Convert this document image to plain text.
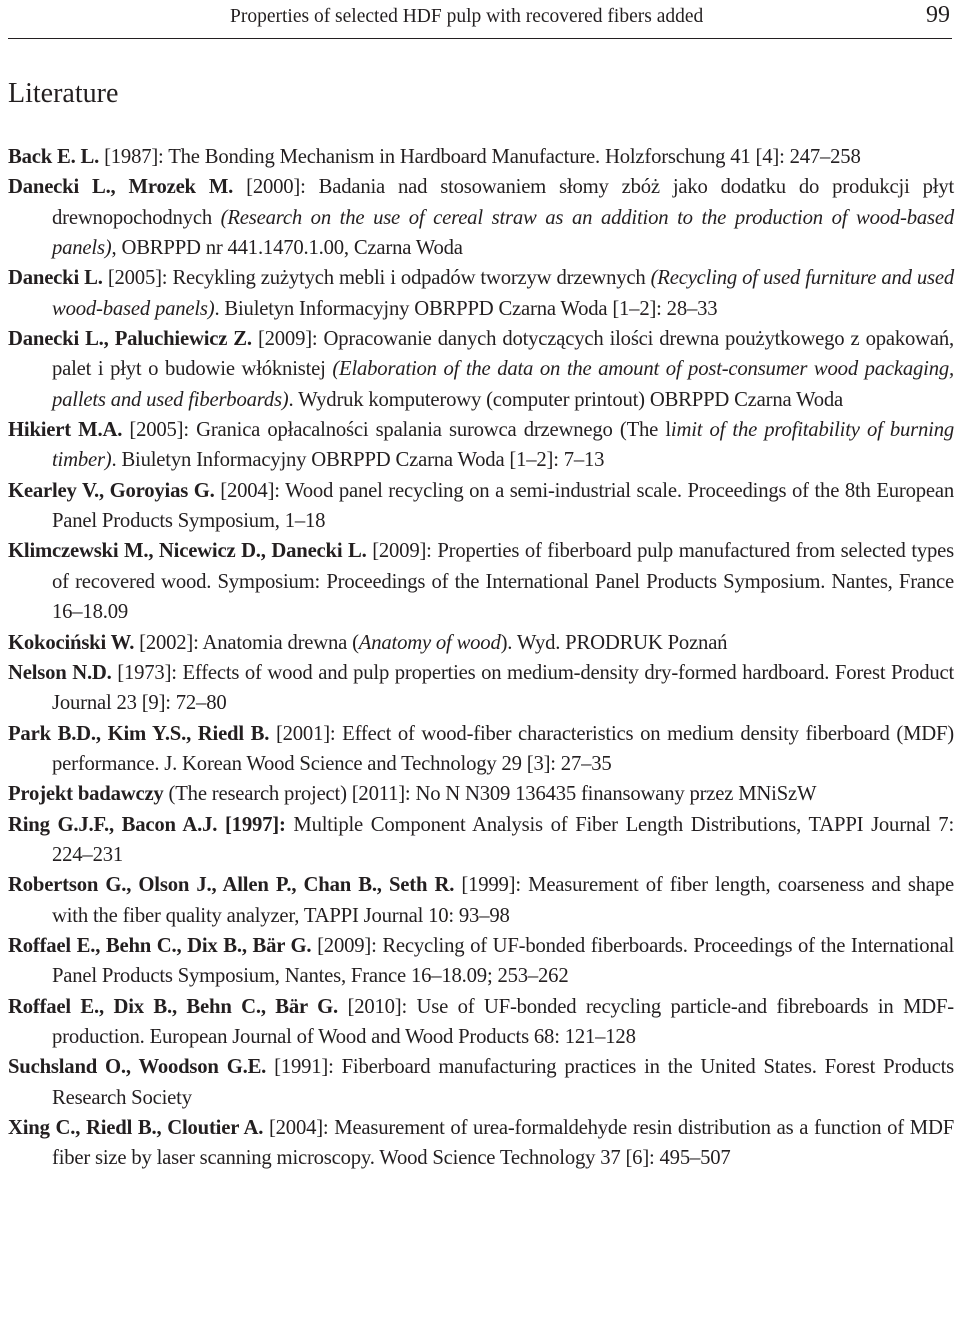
Properties of selected HDF pulp with recovered fibers added	99
Literature
Back E. L. [1987]: The Bonding Mechanism in Hardboard Manufacture. Holzforschung 41 [4]: 247–258
Danecki L., Mrozek M. [2000]: Badania nad stosowaniem słomy zbóż jako dodatku do produkcji płyt drewnopochodnych (Research on the use of cereal straw as an addition to the production of wood-based panels), OBRPPD nr 441.1470.1.00, Czarna Woda
Danecki L. [2005]: Recykling zużytych mebli i odpadów tworzyw drzewnych (Recycling of used furniture and used wood-based panels). Biuletyn Informacyjny OBRPPD Czarna Woda [1–2]: 28–33
Danecki L., Paluchiewicz Z. [2009]: Opracowanie danych dotyczących ilości drewna poużytkowego z opakowań, palet i płyt o budowie włóknistej (Elaboration of the data on the amount of post-consumer wood packaging, pallets and used fiberboards). Wydruk komputerowy (computer printout) OBRPPD Czarna Woda
Hikiert M.A. [2005]: Granica opłacalności spalania surowca drzewnego (The limit of the profitability of burning timber). Biuletyn Informacyjny OBRPPD Czarna Woda [1–2]: 7–13
Kearley V., Goroyias G. [2004]: Wood panel recycling on a semi-industrial scale. Proceedings of the 8th European Panel Products Symposium, 1–18
Klimczewski M., Nicewicz D., Danecki L. [2009]: Properties of fiberboard pulp manufactured from selected types of recovered wood. Symposium: Proceedings of the International Panel Products Symposium. Nantes, France 16–18.09
Kokociński W. [2002]: Anatomia drewna (Anatomy of wood). Wyd. PRODRUK Poznań
Nelson N.D. [1973]: Effects of wood and pulp properties on medium-density dry-formed hardboard. Forest Product Journal 23 [9]: 72–80
Park B.D., Kim Y.S., Riedl B. [2001]: Effect of wood-fiber characteristics on medium density fiberboard (MDF) performance. J. Korean Wood Science and Technology 29 [3]: 27–35
Projekt badawczy (The research project) [2011]: No N N309 136435 finansowany przez MNiSzW
Ring G.J.F., Bacon A.J. [1997]: Multiple Component Analysis of Fiber Length Distributions, TAPPI Journal 7: 224–231
Robertson G., Olson J., Allen P., Chan B., Seth R. [1999]: Measurement of fiber length, coarseness and shape with the fiber quality analyzer, TAPPI Journal 10: 93–98
Roffael E., Behn C., Dix B., Bär G. [2009]: Recycling of UF-bonded fiberboards. Proceedings of the International Panel Products Symposium, Nantes, France 16–18.09; 253–262
Roffael E., Dix B., Behn C., Bär G. [2010]: Use of UF-bonded recycling particle-and fibreboards in MDF-production. European Journal of Wood and Wood Products 68: 121–128
Suchsland O., Woodson G.E. [1991]: Fiberboard manufacturing practices in the United States. Forest Products Research Society
Xing C., Riedl B., Cloutier A. [2004]: Measurement of urea-formaldehyde resin distribution as a function of MDF fiber size by laser scanning microscopy. Wood Science Technology 37 [6]: 495–507
